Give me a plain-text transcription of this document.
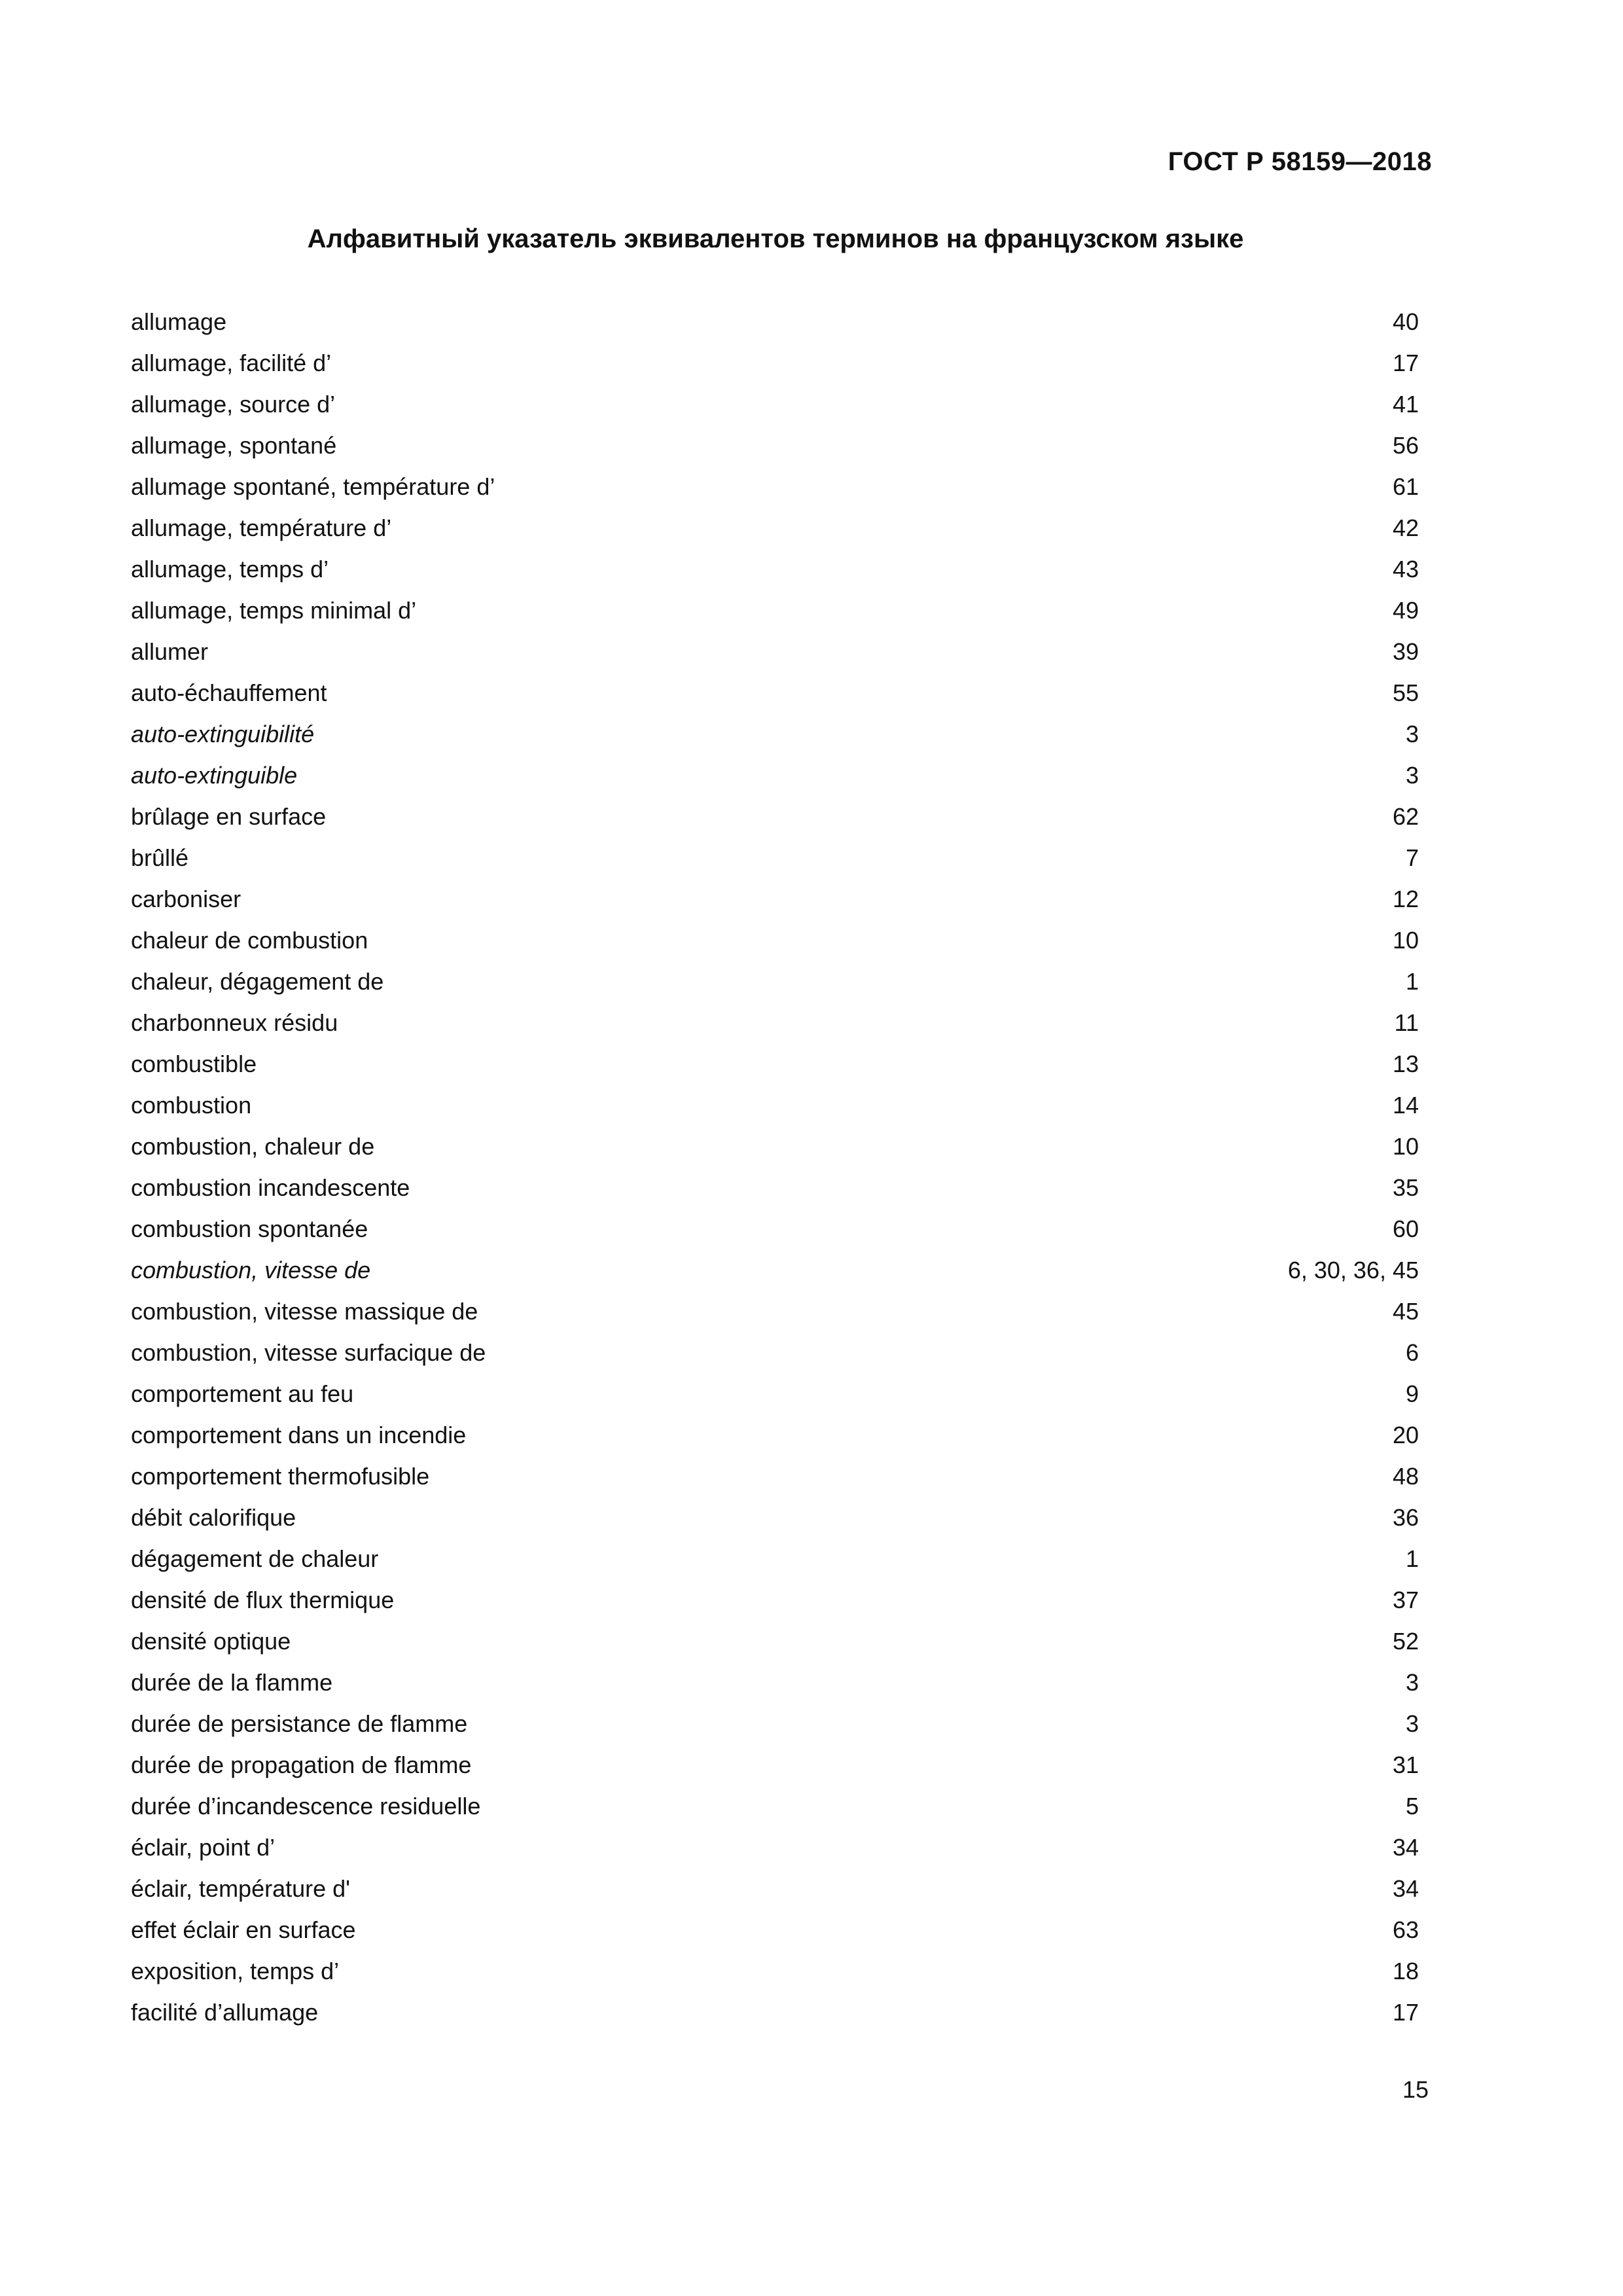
ГОСТ Р 58159—2018
Алфавитный указатель эквивалентов терминов на французском языке
allumage	40
allumage, facilité d’	17
allumage, source d’	41
allumage, spontané	56
allumage spontané, température d’	61
allumage, température d’	42
allumage, temps d’	43
allumage, temps minimal d’	49
allumer	39
auto-échauffement	55
auto-extinguibilité	3
auto-extinguible	3
brûlage en surface	62
brûllé	7
carboniser	12
chaleur de combustion	10
chaleur, dégagement de	1
charbonneux résidu	11
combustible	13
combustion	14
combustion, chaleur de	10
combustion incandescente	35
combustion spontanée	60
combustion, vitesse de	6, 30, 36, 45
combustion, vitesse massique de	45
combustion, vitesse surfacique de	6
comportement au feu	9
comportement dans un incendie	20
comportement thermofusible	48
débit calorifique	36
dégagement de chaleur	1
densité de flux thermique	37
densité optique	52
durée de la flamme	3
durée de persistance de flamme	3
durée de propagation de flamme	31
durée d’incandescence residuelle	5
éclair, point d’	34
éclair, température d'	34
effet éclair en surface	63
exposition, temps d’	18
facilité d’allumage	17
15
